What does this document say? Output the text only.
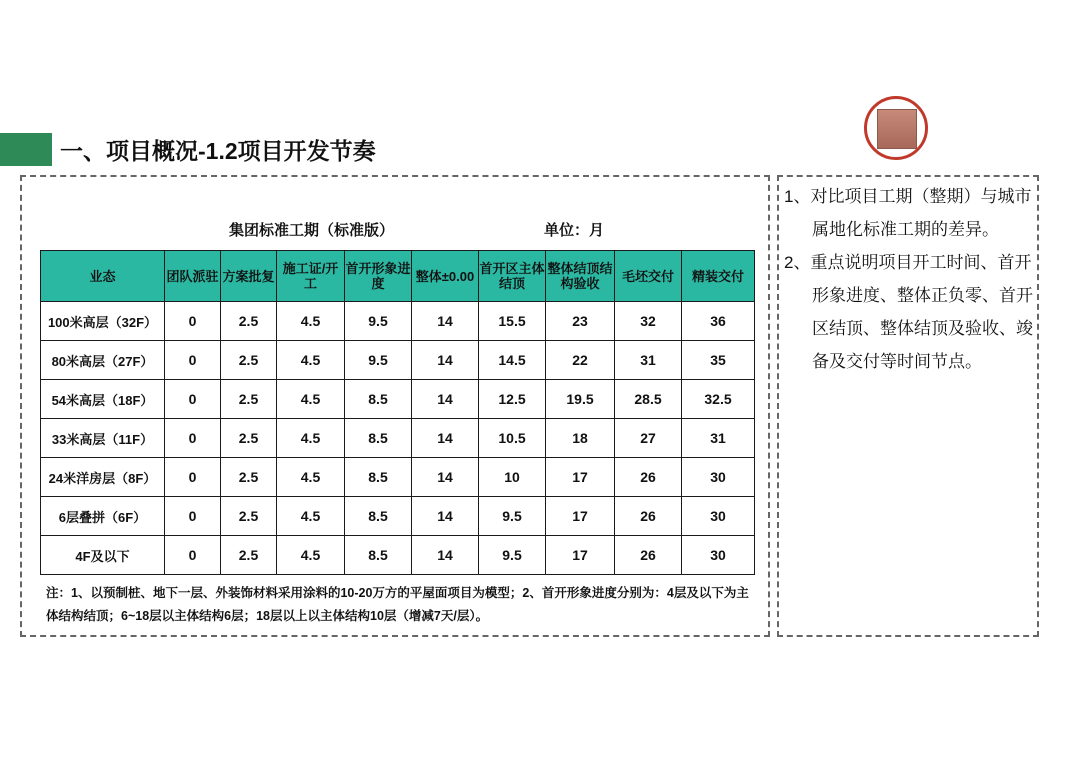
一、项目概况-1.2项目开发节奏
集团标准工期（标准版）	单位：月
业态	团队派驻	方案批复	施工证/开工	首开形象进度	整体±0.00	首开区主体结顶	整体结顶结构验收	毛坯交付	精装交付
100米高层（32F）	0	2.5	4.5	9.5	14	15.5	23	32	36
80米高层（27F）	0	2.5	4.5	9.5	14	14.5	22	31	35
54米高层（18F）	0	2.5	4.5	8.5	14	12.5	19.5	28.5	32.5
33米高层（11F）	0	2.5	4.5	8.5	14	10.5	18	27	31
24米洋房层（8F）	0	2.5	4.5	8.5	14	10	17	26	30
6层叠拼（6F）	0	2.5	4.5	8.5	14	9.5	17	26	30
4F及以下	0	2.5	4.5	8.5	14	9.5	17	26	30
注：1、以预制桩、地下一层、外装饰材料采用涂料的10-20万方的平屋面项目为模型；2、首开形象进度分别为：4层及以下为主体结构结顶；6~18层以主体结构6层；18层以上以主体结构10层（增减7天/层）。
1、对比项目工期（整期）与城市属地化标准工期的差异。
2、重点说明项目开工时间、首开形象进度、整体正负零、首开区结顶、整体结顶及验收、竣备及交付等时间节点。
